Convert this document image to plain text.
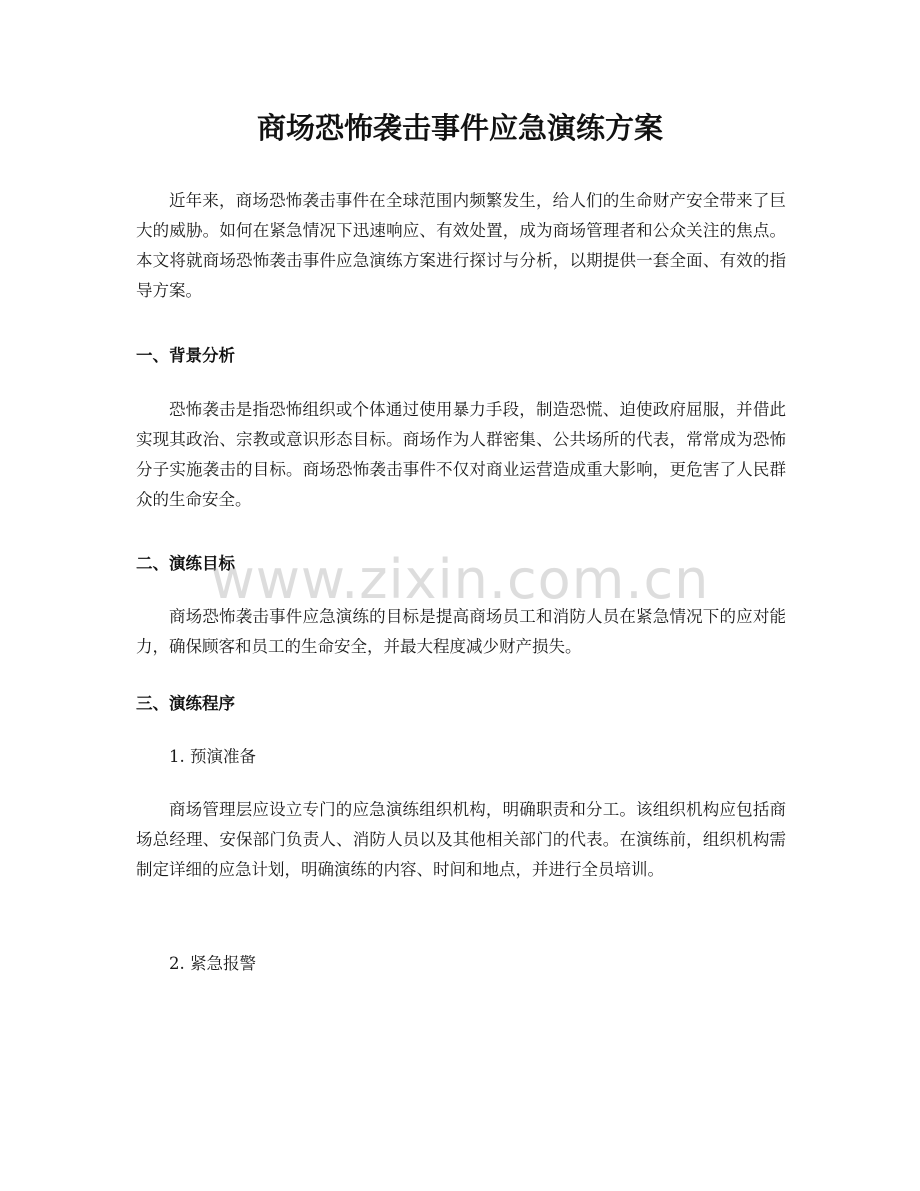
商场恐怖袭击事件应急演练方案

近年来，商场恐怖袭击事件在全球范围内频繁发生，给人们的生命财产安全带来了巨大的威胁。如何在紧急情况下迅速响应、有效处置，成为商场管理者和公众关注的焦点。本文将就商场恐怖袭击事件应急演练方案进行探讨与分析，以期提供一套全面、有效的指导方案。

一、背景分析

恐怖袭击是指恐怖组织或个体通过使用暴力手段，制造恐慌、迫使政府屈服，并借此实现其政治、宗教或意识形态目标。商场作为人群密集、公共场所的代表，常常成为恐怖分子实施袭击的目标。商场恐怖袭击事件不仅对商业运营造成重大影响，更危害了人民群众的生命安全。

二、演练目标

商场恐怖袭击事件应急演练的目标是提高商场员工和消防人员在紧急情况下的应对能力，确保顾客和员工的生命安全，并最大程度减少财产损失。

三、演练程序

1. 预演准备

商场管理层应设立专门的应急演练组织机构，明确职责和分工。该组织机构应包括商场总经理、安保部门负责人、消防人员以及其他相关部门的代表。在演练前，组织机构需制定详细的应急计划，明确演练的内容、时间和地点，并进行全员培训。

2. 紧急报警

www.zixin.com.cn
